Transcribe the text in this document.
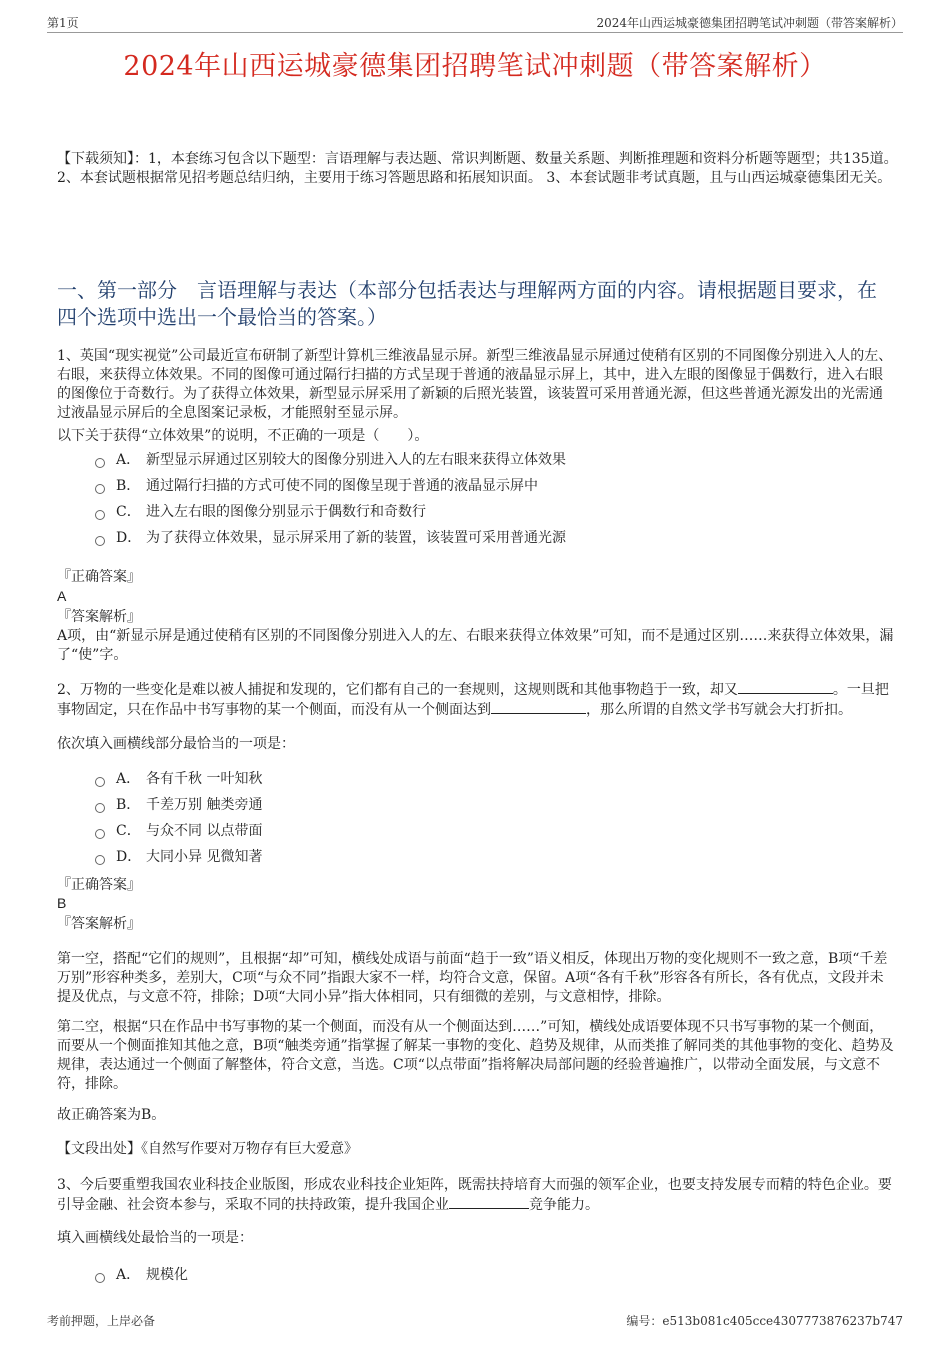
第1页	2024年山西运城豪德集团招聘笔试冲刺题（带答案解析）
2024年山西运城豪德集团招聘笔试冲刺题（带答案解析）
【下载须知】：1，本套练习包含以下题型：言语理解与表达题、常识判断题、数量关系题、判断推理题和资料分析题等题型；共135道。 2、本套试题根据常见招考题总结归纳，主要用于练习答题思路和拓展知识面。 3、本套试题非考试真题，且与山西运城豪德集团无关。
一、第一部分　言语理解与表达（本部分包括表达与理解两方面的内容。请根据题目要求，在四个选项中选出一个最恰当的答案。）
1、英国“现实视觉”公司最近宣布研制了新型计算机三维液晶显示屏。新型三维液晶显示屏通过使稍有区别的不同图像分别进入人的左、右眼，来获得立体效果。不同的图像可通过隔行扫描的方式呈现于普通的液晶显示屏上，其中，进入左眼的图像显于偶数行，进入右眼的图像位于奇数行。为了获得立体效果，新型显示屏采用了新颖的后照光装置，该装置可采用普通光源，但这些普通光源发出的光需通过液晶显示屏后的全息图案记录板，才能照射至显示屏。
以下关于获得“立体效果”的说明，不正确的一项是（　　）。
A． 新型显示屏通过区别较大的图像分别进入人的左右眼来获得立体效果
B． 通过隔行扫描的方式可使不同的图像呈现于普通的液晶显示屏中
C． 进入左右眼的图像分别显示于偶数行和奇数行
D． 为了获得立体效果，显示屏采用了新的装置，该装置可采用普通光源
『正确答案』
A
『答案解析』
A项，由“新显示屏是通过使稍有区别的不同图像分别进入人的左、右眼来获得立体效果”可知，而不是通过区别……来获得立体效果，漏了“使”字。
2、万物的一些变化是难以被人捕捉和发现的，它们都有自己的一套规则，这规则既和其他事物趋于一致，却又	。一旦把事物固定，只在作品中书写事物的某一个侧面，而没有从一个侧面达到	，那么所谓的自然文学书写就会大打折扣。
依次填入画横线部分最恰当的一项是：
A． 各有千秋 一叶知秋
B． 千差万别 触类旁通
C． 与众不同 以点带面
D． 大同小异 见微知著
『正确答案』
B
『答案解析』
第一空，搭配“它们的规则”，且根据“却”可知，横线处成语与前面“趋于一致”语义相反，体现出万物的变化规则不一致之意，B项“千差万别”形容种类多，差别大，C项“与众不同”指跟大家不一样，均符合文意，保留。A项“各有千秋”形容各有所长，各有优点，文段并未提及优点，与文意不符，排除；D项“大同小异”指大体相同，只有细微的差别，与文意相悖，排除。
第二空，根据“只在作品中书写事物的某一个侧面，而没有从一个侧面达到……”可知，横线处成语要体现不只书写事物的某一个侧面，而要从一个侧面推知其他之意，B项“触类旁通”指掌握了解某一事物的变化、趋势及规律，从而类推了解同类的其他事物的变化、趋势及规律，表达通过一个侧面了解整体，符合文意，当选。C项“以点带面”指将解决局部问题的经验普遍推广，以带动全面发展，与文意不符，排除。
故正确答案为B。
【文段出处】《自然写作要对万物存有巨大爱意》
3、今后要重塑我国农业科技企业版图，形成农业科技企业矩阵，既需扶持培育大而强的领军企业，也要支持发展专而精的特色企业。要引导金融、社会资本参与，采取不同的扶持政策，提升我国企业	竞争能力。
填入画横线处最恰当的一项是：
A． 规模化
考前押题，上岸必备	编号：e513b081c405cce4307773876237b747
